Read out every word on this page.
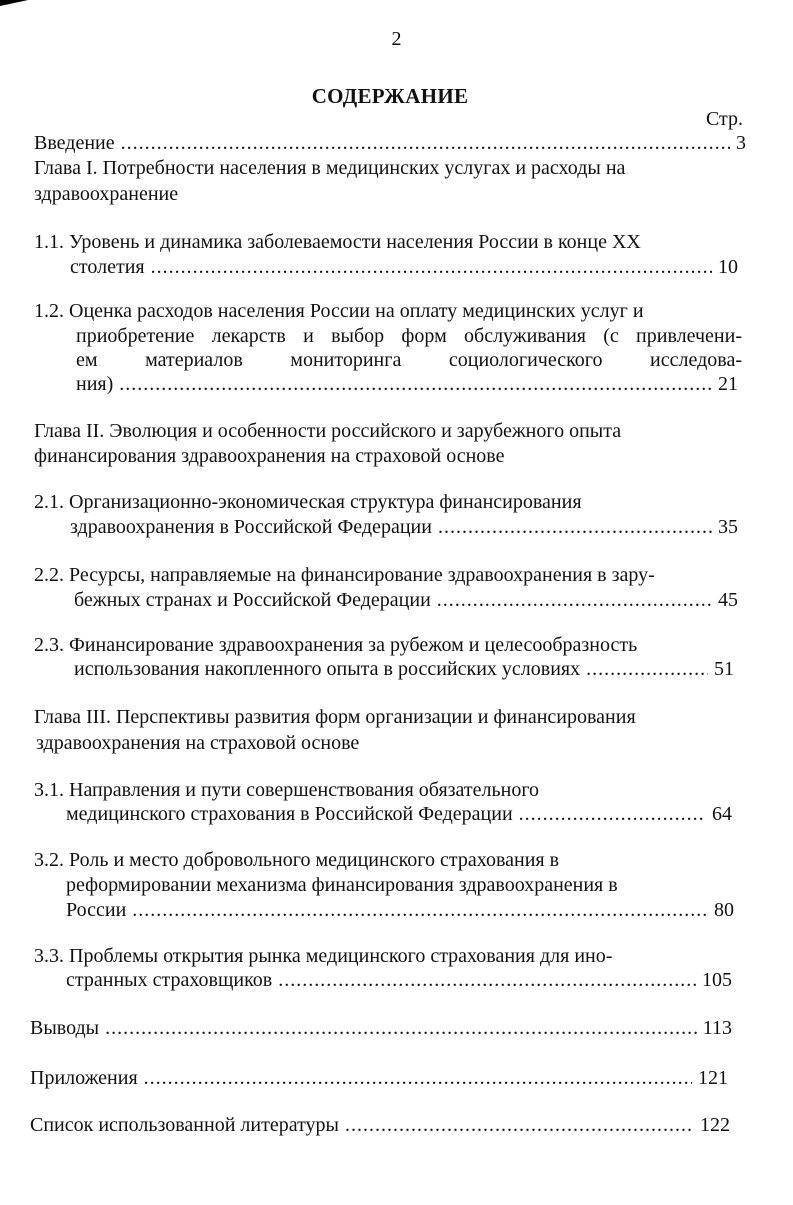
2
СОДЕРЖАНИЕ
Стр.
Введение .....	3
Глава I. Потребности населения в медицинских услугах и расходы на
здравоохранение
1.1. Уровень и динамика заболеваемости населения России в конце XX
столетия .....	10
1.2. Оценка расходов населения России на оплату медицинских услуг и
приобретение лекарств и выбор форм обслуживания (с привлечени-
ем материалов мониторинга социологического исследова-
ния) .....	21
Глава II. Эволюция и особенности российского и зарубежного опыта
финансирования здравоохранения на страховой основе
2.1. Организационно-экономическая структура финансирования
здравоохранения в Российской Федерации .....	35
2.2. Ресурсы, направляемые на финансирование здравоохранения в зару-
бежных странах и Российской Федерации .....	45
2.3. Финансирование здравоохранения за рубежом и целесообразность
использования накопленного опыта в российских условиях .....	51
Глава III. Перспективы развития форм организации и финансирования
здравоохранения на страховой основе
3.1. Направления и пути совершенствования обязательного
медицинского страхования в Российской Федерации .....	64
3.2. Роль и место добровольного медицинского страхования в
реформировании механизма финансирования здравоохранения в
России .....	80
3.3. Проблемы открытия рынка медицинского страхования для ино-
странных страховщиков .....	105
Выводы .....	113
Приложения .....	121
Список использованной литературы .....	122
